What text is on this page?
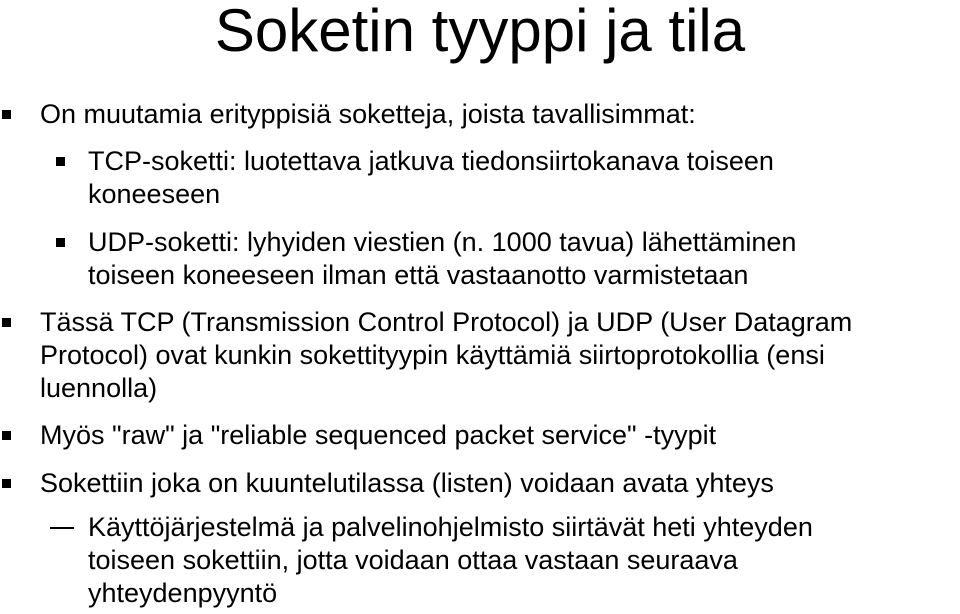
Soketin tyyppi ja tila
On muutamia erityppisiä soketteja, joista tavallisimmat:
TCP-soketti: luotettava jatkuva tiedonsiirtokanava toiseen
koneeseen
UDP-soketti: lyhyiden viestien (n. 1000 tavua) lähettäminen
toiseen koneeseen ilman että vastaanotto varmistetaan
Tässä TCP (Transmission Control Protocol) ja UDP (User Datagram
Protocol) ovat kunkin sokettityypin käyttämiä siirtoprotokollia (ensi
luennolla)
Myös "raw" ja "reliable sequenced packet service" -tyypit
Sokettiin joka on kuuntelutilassa (listen) voidaan avata yhteys
Käyttöjärjestelmä ja palvelinohjelmisto siirtävät heti yhteyden
toiseen sokettiin, jotta voidaan ottaa vastaan seuraava
yhteydenpyyntö
